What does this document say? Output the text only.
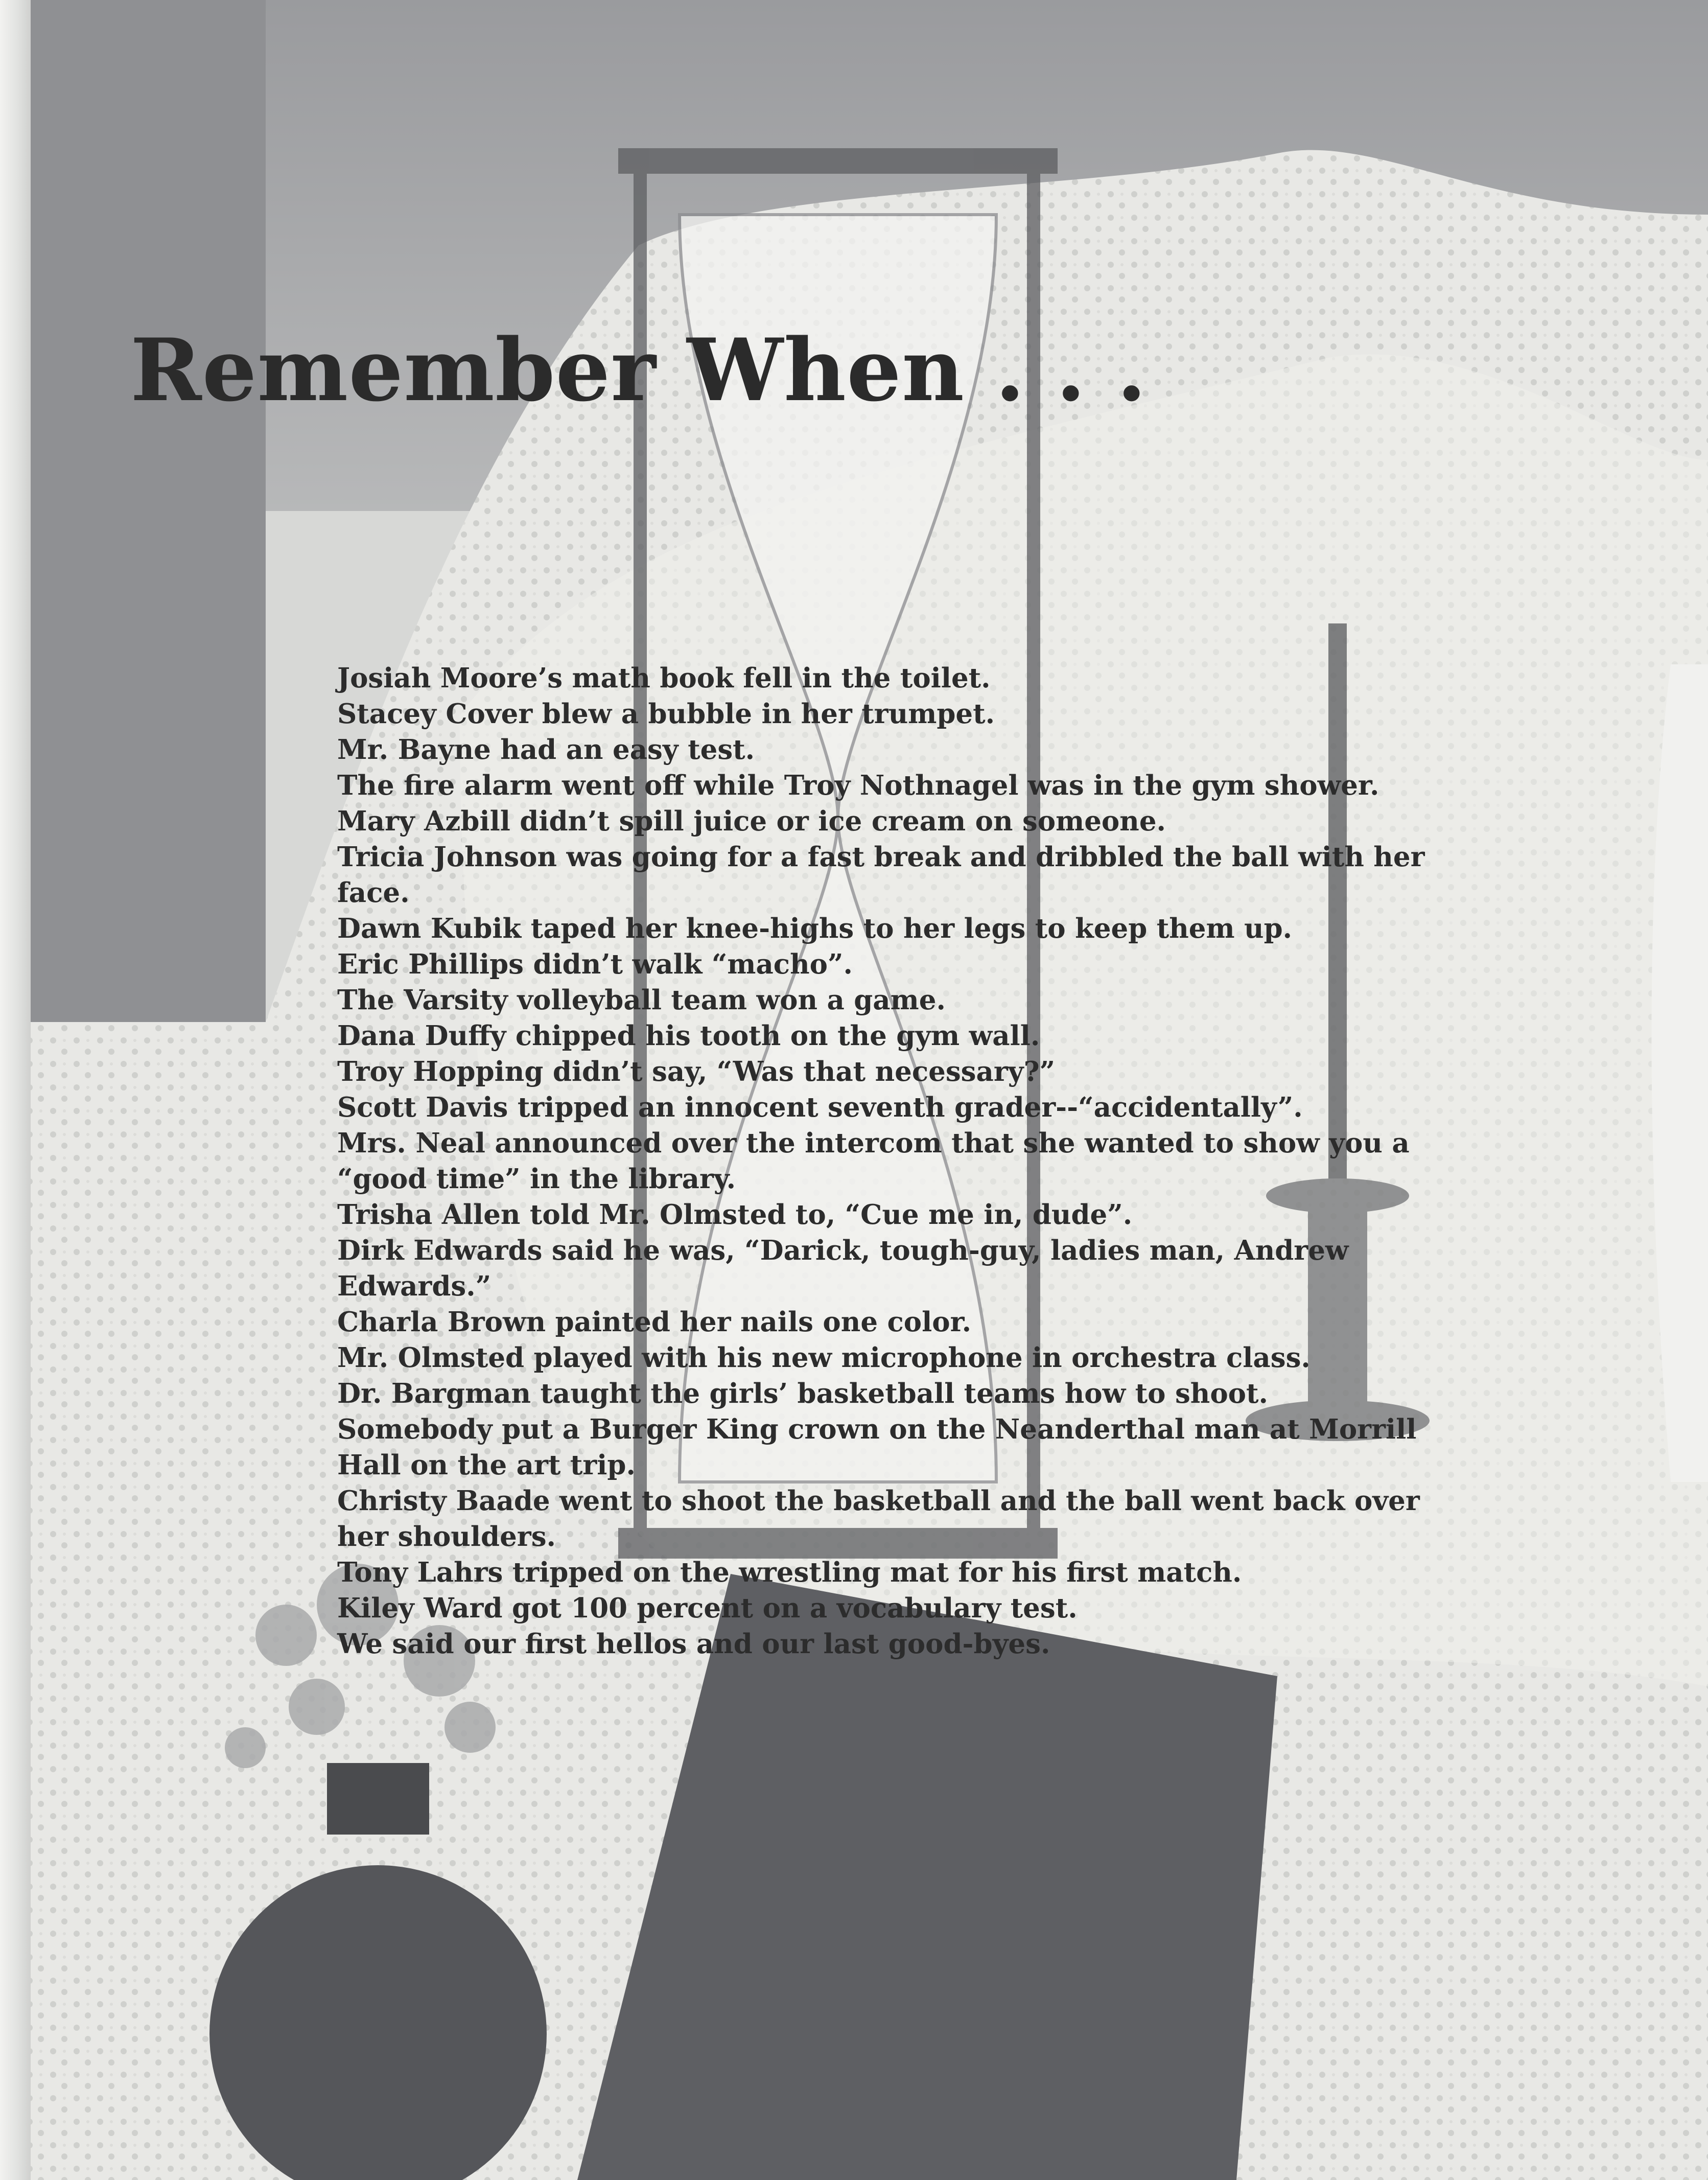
Remember When . . .
Josiah Moore’s math book fell in the toilet.
Stacey Cover blew a bubble in her trumpet.
Mr. Bayne had an easy test.
The fire alarm went off while Troy Nothnagel was in the gym shower.
Mary Azbill didn’t spill juice or ice cream on someone.
Tricia Johnson was going for a fast break and dribbled the ball with her face.
Dawn Kubik taped her knee-highs to her legs to keep them up.
Eric Phillips didn’t walk “macho”.
The Varsity volleyball team won a game.
Dana Duffy chipped his tooth on the gym wall.
Troy Hopping didn’t say, “Was that necessary?”
Scott Davis tripped an innocent seventh grader--“accidentally”.
Mrs. Neal announced over the intercom that she wanted to show you a “good time” in the library.
Trisha Allen told Mr. Olmsted to, “Cue me in, dude”.
Dirk Edwards said he was, “Darick, tough-guy, ladies man, Andrew Edwards.”
Charla Brown painted her nails one color.
Mr. Olmsted played with his new microphone in orchestra class.
Dr. Bargman taught the girls’ basketball teams how to shoot.
Somebody put a Burger King crown on the Neanderthal man at Morrill Hall on the art trip.
Christy Baade went to shoot the basketball and the ball went back over her shoulders.
Tony Lahrs tripped on the wrestling mat for his first match.
Kiley Ward got 100 percent on a vocabulary test.
We said our first hellos and our last good-byes.
